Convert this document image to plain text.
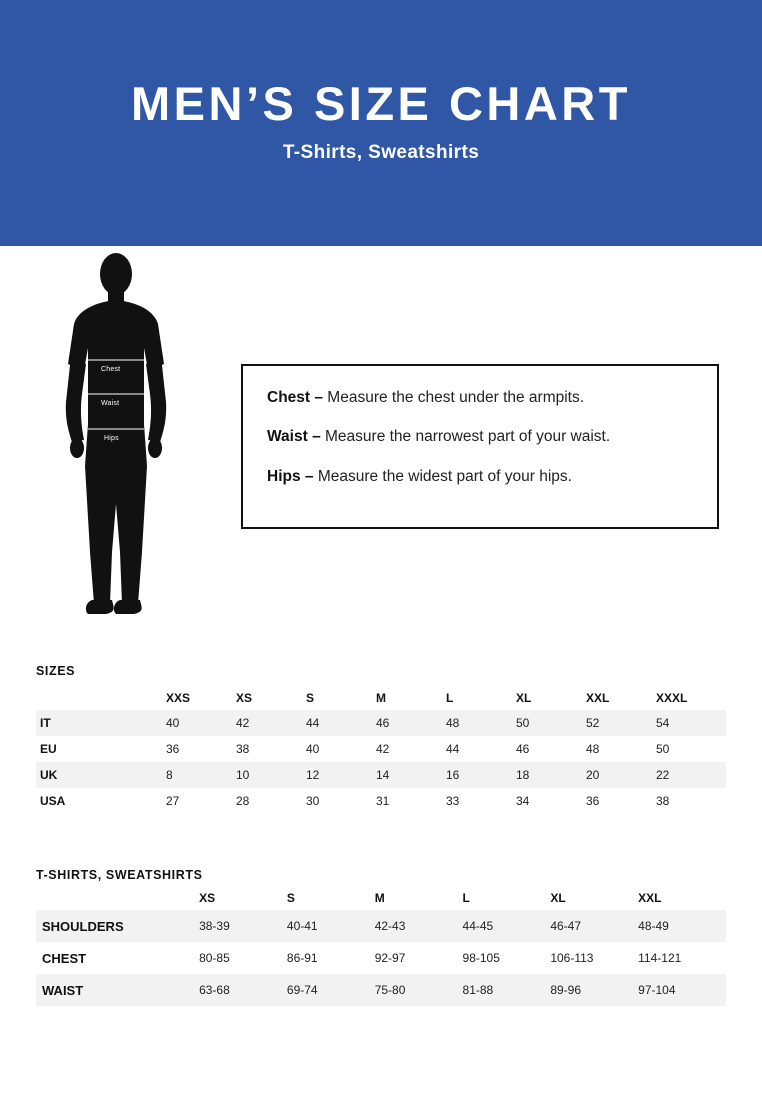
MEN’S SIZE CHART
T-Shirts, Sweatshirts
Chest
Waist
Hips
Chest – Measure the chest under the armpits.
Waist – Measure the narrowest part of your waist.
Hips – Measure the widest part of your hips.
SIZES
	XXS	XS	S	M	L	XL	XXL	XXXL
IT	40	42	44	46	48	50	52	54
EU	36	38	40	42	44	46	48	50
UK	8	10	12	14	16	18	20	22
USA	27	28	30	31	33	34	36	38
T-SHIRTS, SWEATSHIRTS
	XS	S	M	L	XL	XXL
SHOULDERS	38-39	40-41	42-43	44-45	46-47	48-49
CHEST	80-85	86-91	92-97	98-105	106-113	114-121
WAIST	63-68	69-74	75-80	81-88	89-96	97-104
